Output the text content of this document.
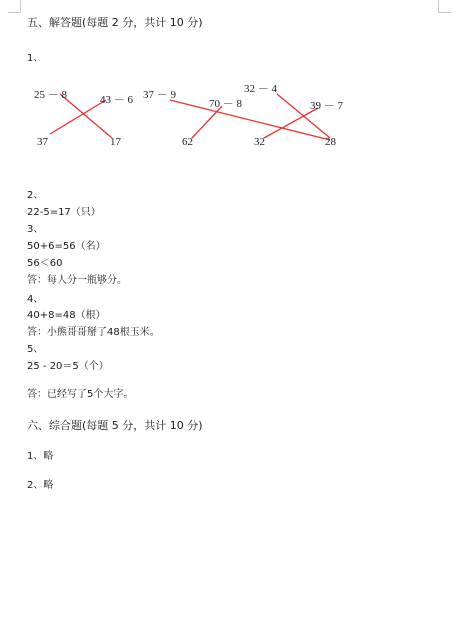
五、解答题(每题 2 分，共计 10 分)
1、
25 － 8	43 － 6 37 － 9
70 － 8
32 － 4
39 － 7
37	17	62	32	28
2、
22-5=17（只）
3、
50+6=56（名）
56＜60
答：每人分一瓶够分。
4、
40+8=48（根）
答：小熊哥哥掰了48根玉米。
5、
25 - 20＝5（个）
答：已经写了5个大字。
六、综合题(每题 5 分，共计 10 分)
1、略
2、略
